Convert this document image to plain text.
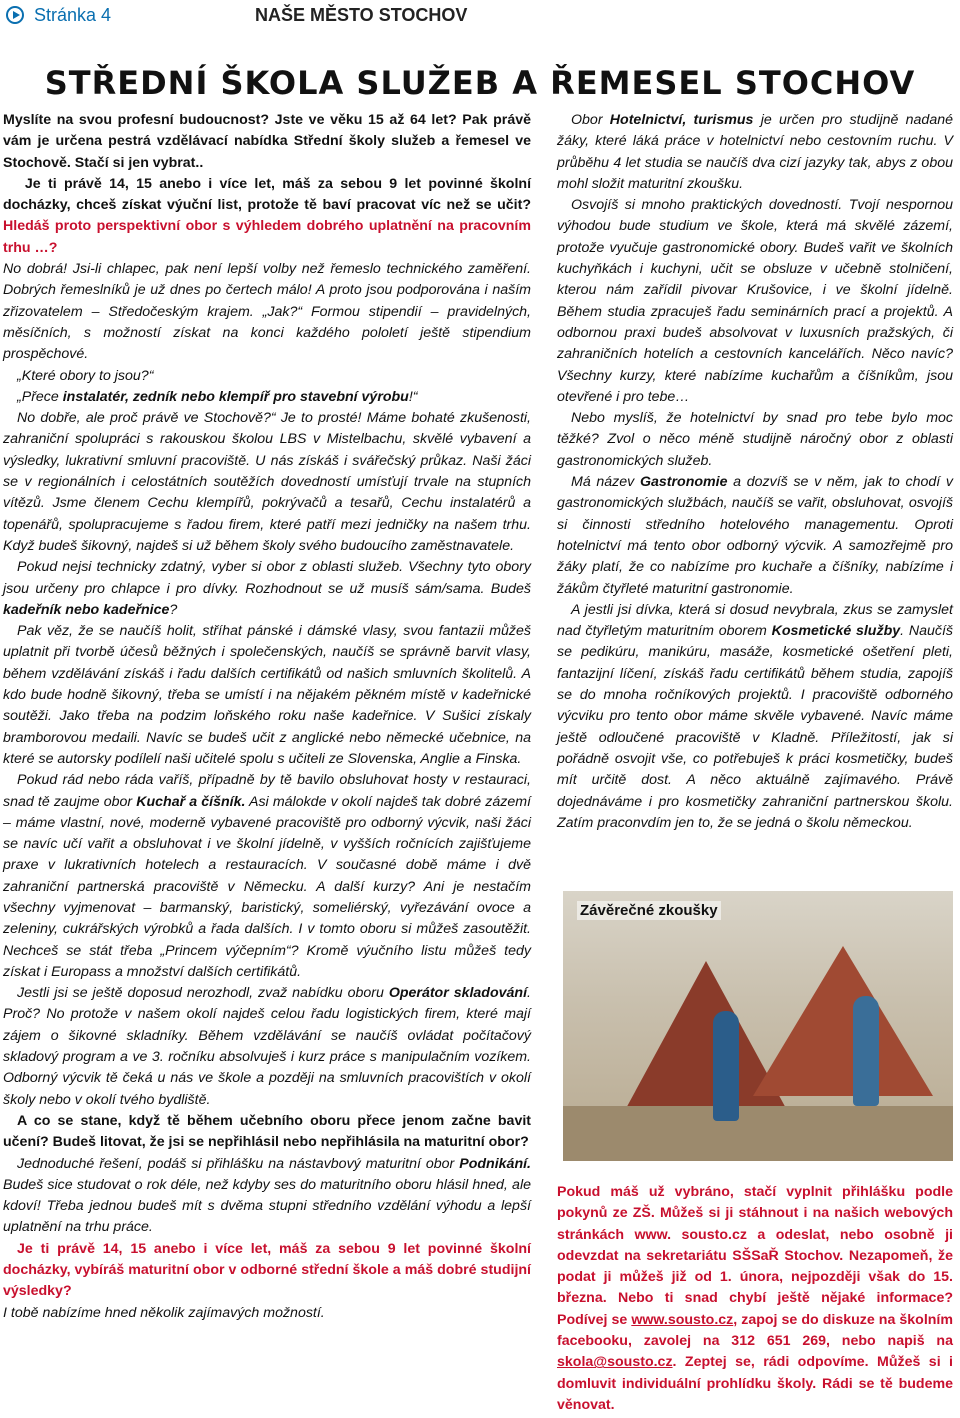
Stránka 4	NAŠE MĚSTO STOCHOV
STŘEDNÍ ŠKOLA SLUŽEB A ŘEMESEL STOCHOV

Myslíte na svou profesní budoucnost? Jste ve věku 15 až 64 let? Pak právě vám je určena pestrá vzdělávací nabídka Střední školy služeb a řemesel ve Stochově. Stačí si jen vybrat..

Je ti právě 14, 15 anebo i více let, máš za sebou 9 let povinné školní docházky, chceš získat výuční list, protože tě baví pracovat víc než se učit? Hledáš proto perspektivní obor s výhledem dobrého uplatnění na pracovním trhu …?

No dobrá! Jsi-li chlapec, pak není lepší volby než řemeslo technického zaměření. Dobrých řemeslníků je už dnes po čertech málo! A proto jsou podporována i naším zřizovatelem – Středočeským krajem. „Jak?“ Formou stipendií – pravidelných, měsíčních, s možností získat na konci každého pololetí ještě stipendium prospěchové.

„Které obory to jsou?“

„Přece instalatér, zedník nebo klempíř pro stavební výrobu!“

No dobře, ale proč právě ve Stochově?“ Je to prosté! Máme bohaté zkušenosti, zahraniční spolupráci s rakouskou školou LBS v Mistelbachu, skvělé vybavení a výsledky, lukrativní smluvní pracoviště. U nás získáš i svářečský průkaz. Naši žáci se v regionálních i celostátních soutěžích dovedností umísťují trvale na stupních vítězů. Jsme členem Cechu klempířů, pokrývačů a tesařů, Cechu instalatérů a topenářů, spolupracujeme s řadou firem, které patří mezi jedničky na našem trhu. Když budeš šikovný, najdeš si už během školy svého budoucího zaměstnavatele.

Pokud nejsi technicky zdatný, vyber si obor z oblasti služeb. Všechny tyto obory jsou určeny pro chlapce i pro dívky. Rozhodnout se už musíš sám/sama. Budeš kadeřník nebo kadeřnice?

Pak věz, že se naučíš holit, stříhat pánské i dámské vlasy, svou fantazii můžeš uplatnit při tvorbě účesů běžných i společenských, naučíš se správně barvit vlasy, během vzdělávání získáš i řadu dalších certifikátů od našich smluvních školitelů. A kdo bude hodně šikovný, třeba se umístí i na nějakém pěkném místě v kadeřnické soutěži. Jako třeba na podzim loňského roku naše kadeřnice. V Sušici získaly bramborovou medaili. Navíc se budeš učit z anglické nebo německé učebnice, na které se autorsky podílelí naši učitelé spolu s učiteli ze Slovenska, Anglie a Finska.

Pokud rád nebo ráda vaříš, případně by tě bavilo obsluhovat hosty v restauraci, snad tě zaujme obor Kuchař a číšník. Asi málokde v okolí najdeš tak dobré zázemí – máme vlastní, nové, moderně vybavené pracoviště pro odborný výcvik, naši žáci se navíc učí vařit a obsluhovat i ve školní jídelně, v vyšších ročnících zajišťujeme praxe v lukrativních hotelech a restauracích. V současné době máme i dvě zahraniční partnerská pracoviště v Německu. A další kurzy? Ani je nestačím všechny vyjmenovat – barmanský, baristický, someliérský, vyřezávání ovoce a zeleniny, cukrářských výrobků a řada dalších. I v tomto oboru si můžeš zasoutěžit. Nechceš se stát třeba „Princem výčepním“? Kromě výučního listu můžeš tedy získat i Europass a množství dalších certifikátů.

Jestli jsi se ještě doposud nerozhodl, zvaž nabídku oboru Operátor skladování. Proč? No protože v našem okolí najdeš celou řadu logistických firem, které mají zájem o šikovné skladníky. Během vzdělávání se naučíš ovládat počítačový skladový program a ve 3. ročníku absolvuješ i kurz práce s manipulačním vozíkem. Odborný výcvik tě čeká u nás ve škole a později na smluvních pracovištích v okolí školy nebo v okolí tvého bydliště.

A co se stane, když tě během učebního oboru přece jenom začne bavit učení? Budeš litovat, že jsi se nepřihlásil nebo nepřihlásila na maturitní obor?

Jednoduché řešení, podáš si přihlášku na nástavbový maturitní obor Podnikání. Budeš sice studovat o rok déle, než kdyby ses do maturitního oboru hlásil hned, ale kdoví! Třeba jednou budeš mít s dvěma stupni středního vzdělání výhodu a lepší uplatnění na trhu práce.

Je ti právě 14, 15 anebo i více let, máš za sebou 9 let povinné školní docházky, vybíráš maturitní obor v odborné střední škole a máš dobré studijní výsledky?

I tobě nabízíme hned několik zajímavých možností.

Obor Hotelnictví, turismus je určen pro studijně nadané žáky, které láká práce v hotelnictví nebo cestovním ruchu. V průběhu 4 let studia se naučíš dva cizí jazyky tak, abys z obou mohl složit maturitní zkoušku.

Osvojíš si mnoho praktických dovedností. Tvojí nespornou výhodou bude studium ve škole, která má skvělé zázemí, protože vyučuje gastronomické obory. Budeš vařit ve školních kuchyňkách i kuchyni, učit se obsluze v učebně stolničení, kterou nám zařídil pivovar Krušovice, i ve školní jídelně. Během studia zpracuješ řadu seminárních prací a projektů. A odbornou praxi budeš absolvovat v luxusních pražských, či zahraničních hotelích a cestovních kancelářích. Něco navíc? Všechny kurzy, které nabízíme kuchařům a číšníkům, jsou otevřené i pro tebe…

Nebo myslíš, že hotelnictví by snad pro tebe bylo moc těžké? Zvol o něco méně studijně náročný obor z oblasti gastronomických služeb.

Má název Gastronomie a dozvíš se v něm, jak to chodí v gastronomických službách, naučíš se vařit, obsluhovat, osvojíš si činnosti středního hotelového managementu. Oproti hotelnictví má tento obor odborný výcvik. A samozřejmě pro žáky platí, že co nabízíme pro kuchaře a číšníky, nabízíme i žákům čtyřleté maturitní gastronomie.

A jestli jsi dívka, která si dosud nevybrala, zkus se zamyslet nad čtyřletým maturitním oborem Kosmetické služby. Naučíš se pedikúru, manikúru, masáže, kosmetické ošetření pleti, fantazijní líčení, získáš řadu certifikátů během studia, zapojíš se do mnoha ročníkových projektů. I pracoviště odborného výcviku pro tento obor máme skvěle vybavené. Navíc máme ještě odloučené pracoviště v Kladně. Příležitostí, jak si pořádně osvojit vše, co potřebuješ k práci kosmetičky, budeš mít určitě dost. A něco aktuálně zajímavého. Právě dojednáváme i pro kosmetičky zahraniční partnerskou školu. Zatím praconvdím jen to, že se jedná o školu německou.

Závěrečné zkoušky
Pokud máš už vybráno, stačí vyplnit přihlášku podle pokynů ze ZŠ. Můžeš si ji stáhnout i na našich webových stránkách www. sousto.cz a odeslat, nebo osobně ji odevzdat na sekretariátu SŠSaŘ Stochov. Nezapomeň, že podat ji můžeš již od 1. února, nejpozději však do 15. března. Nebo ti snad chybí ještě nějaké informace? Podívej se www.sousto.cz, zapoj se do diskuze na školním facebooku, zavolej na 312 651 269, nebo napiš na skola@sousto.cz. Zeptej se, rádi odpovíme. Můžeš si i domluvit individuální prohlídku školy. Rádi se tě budeme věnovat.
